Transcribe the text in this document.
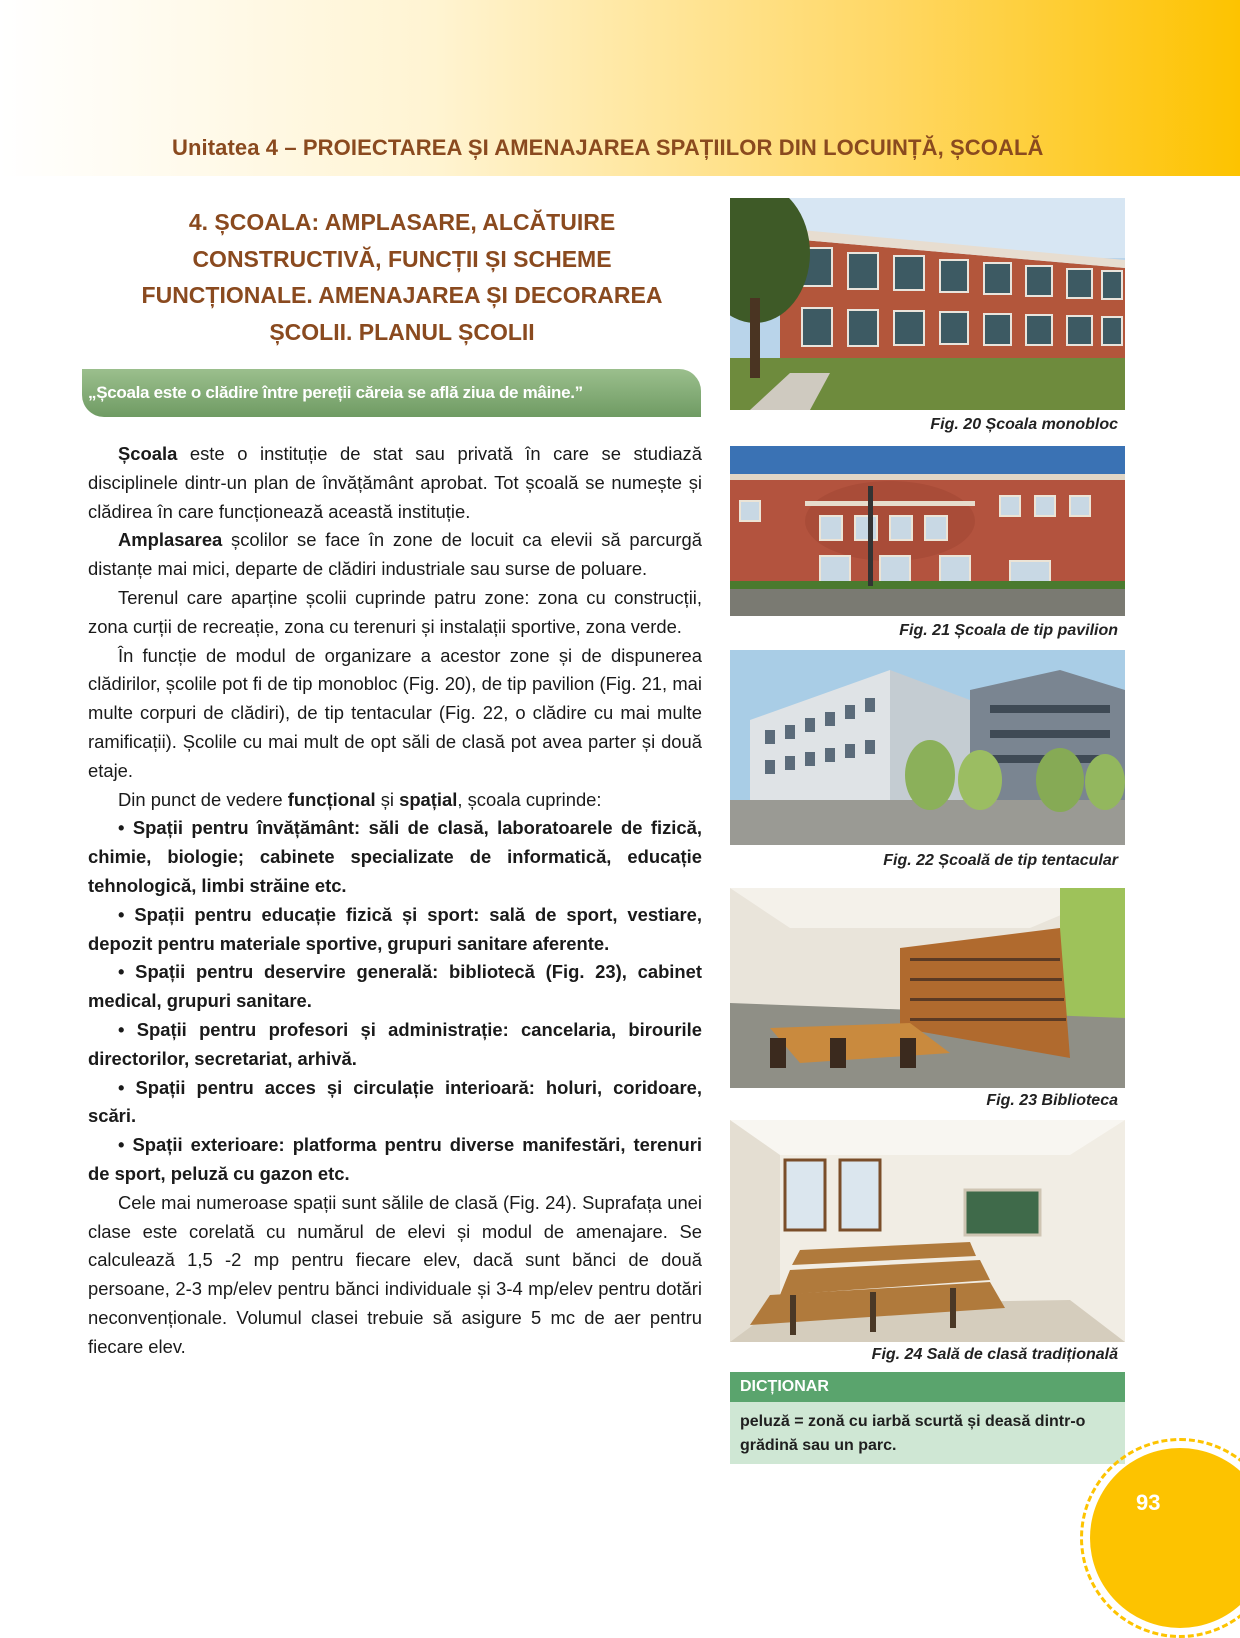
Unitatea 4 – PROIECTAREA ȘI AMENAJAREA SPAȚIILOR DIN LOCUINȚĂ, ȘCOALĂ
4. ȘCOALA: AMPLASARE, ALCĂTUIRE
CONSTRUCTIVĂ, FUNCȚII ȘI SCHEME
FUNCȚIONALE. AMENAJAREA ȘI DECORAREA
ȘCOLII. PLANUL ȘCOLII
„Școala este o clădire între pereții căreia se află ziua de mâine.”

Școala este o instituție de stat sau privată în care se studiază disciplinele dintr-un plan de învățământ aprobat. Tot școală se numește și clădirea în care funcționează această instituție.

Amplasarea școlilor se face în zone de locuit ca elevii să parcurgă distanțe mai mici, departe de clădiri industriale sau surse de poluare.

Terenul care aparține școlii cuprinde patru zone: zona cu construcții, zona curții de recreație, zona cu terenuri și instalații sportive, zona verde.

În funcție de modul de organizare a acestor zone și de dispunerea clădirilor, școlile pot fi de tip monobloc (Fig. 20), de tip pavilion (Fig. 21, mai multe corpuri de clădiri), de tip tentacular (Fig. 22, o clădire cu mai multe ramificații). Școlile cu mai mult de opt săli de clasă pot avea parter și două etaje.

Din punct de vedere funcțional și spațial, școala cuprinde:

• Spații pentru învățământ: săli de clasă, laboratoarele de fizică, chimie, biologie; cabinete specializate de informatică, educație tehnologică, limbi străine etc.

• Spații pentru educație fizică și sport: sală de sport, vestiare, depozit pentru materiale sportive, grupuri sanitare aferente.

• Spații pentru deservire generală: bibliotecă (Fig. 23), cabinet medical, grupuri sanitare.

• Spații pentru profesori și administrație: cancelaria, birourile directorilor, secretariat, arhivă.

• Spații pentru acces și circulație interioară: holuri, coridoare, scări.

• Spații exterioare: platforma pentru diverse manifestări, terenuri de sport, peluză cu gazon etc.

Cele mai numeroase spații sunt sălile de clasă (Fig. 24). Suprafața unei clase este corelată cu numărul de elevi și modul de amenajare. Se calculează 1,5 -2 mp pentru fiecare elev, dacă sunt bănci de două persoane, 2-3 mp/elev pentru bănci individuale și 3-4 mp/elev pentru dotări neconvenționale. Volumul clasei trebuie să asigure 5 mc de aer pentru fiecare elev.

Fig. 20 Școala monobloc
Fig. 21 Școala de tip pavilion
Fig. 22 Școală de tip tentacular
Fig. 23 Biblioteca
Fig. 24 Sală de clasă tradițională
DICȚIONAR
peluză = zonă cu iarbă scurtă și deasă dintr-o grădină sau un parc.
93
